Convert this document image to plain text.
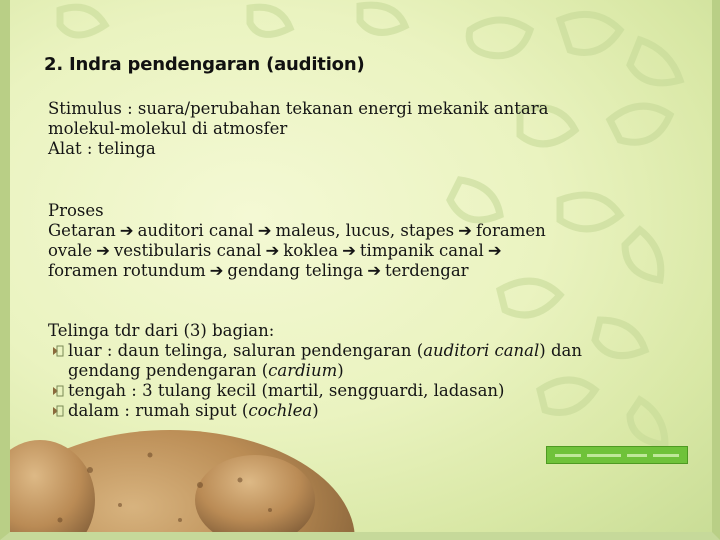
2. Indra pendengaran (audition)
Stimulus : suara/perubahan tekanan energi mekanik antara
molekul-molekul di atmosfer
Alat : telinga
Proses
Getaran ➔ auditori canal ➔ maleus, lucus, stapes ➔ foramen
ovale ➔ vestibularis canal ➔ koklea ➔ timpanik canal ➔
foramen rotundum ➔ gendang telinga ➔ terdengar
Telinga tdr dari (3) bagian:
luar : daun telinga, saluran pendengaran (auditori canal) dan
gendang pendengaran (cardium)
tengah : 3 tulang kecil (martil, sengguardi, ladasan)
dalam : rumah siput (cochlea)
